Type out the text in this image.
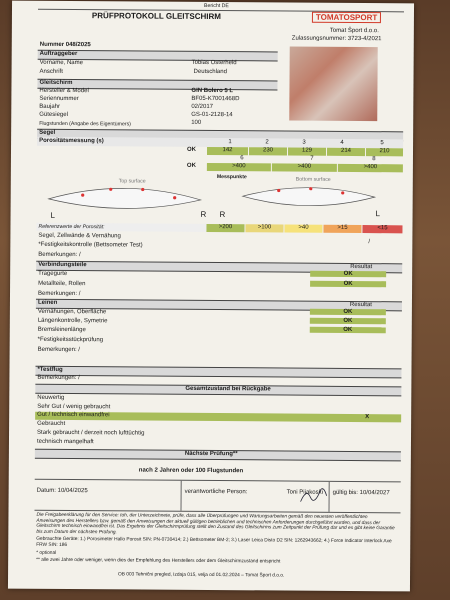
Bericht DE
PRÜFPROTOKOLL GLEITSCHIRM	TOMATOSPORT
Tomat Šport d.o.o.
Zulassungsnummer: 3723-4/2021
Nummer 048/2025
Auftraggeber
Vorname, Name	Tobias Osterheld
Anschrift	Deutschland
Gleitschirm
Hersteller & Model	GIN Bolero 5 L
Seriennummer	BF05-K7001468D
Baujahr	02/2017
Gütesiegel	GS-01-2128-14
Flugstunden (Angabe des Eigentümers)	100
Segel
Porositätsmessung (s)	1	2	3	4	5
OK	142	230	129	214	210
6	7	8
OK	>400	>400	>400
Messpunkte
Top surface	Bottom surface
L	R R	L
Referenzwerte der Porosität:	>200	>100	>40	>15	<15
Segel, Zellwände & Vernähung
/
*Festigkeitskontrolle (Bettsometer Test)
Bemerkungen: /
Verbindungsteile	Resultat
Tragegurte	OK
Metallteile, Rollen	OK
Bemerkungen: /
Leinen	Resultat
Vernähungen, Oberfläche	OK
Längenkontrolle, Symetrie	OK
Bremsleinenlänge	OK
*Festigkeitsstückprüfung
Bemerkungen: /
*Testflug
Bemerkungen: /
Gesamtzustand bei Rückgabe
Neuwertig
Sehr Gut / wenig gebraucht
Gut / technisch einwandfrei	X
Gebraucht
Stark gebraucht / derzeit noch lufttüchtig
technisch mangelhaft
Nächste Prüfung**
nach 2 Jahren oder 100 Flugstunden
Datum: 10/04/2025	verantwortliche Person:	Toni Pijakoski gültig bis: 10/04/2027
Die Freigabeerklärung für den Service: toh, der Unterzeichnete, prüfe, dass alle Überprüfungen und Wartungsarbeiten gemäß den neuesten veröffentlichten Anweisungen des Herstellers bzw. gemäß den Anweisungen der aktuell gültigen betrieblichen und technischen Anforderungen durchgeführt wurden, und dass der Gleitschirm technisch einwandfrei ist. Das Ergebnis der Gleitschirmprüfung stellt den Zustand des Gleitschirms zum Zeitpunkt der Prüfung dar und es gibt keine Garantie bis zum Datum der nächsten Prüfung.
Gebrauchte Geräte: 1.) Porosimeter Hallo Porosit SIN: PN-0730414; 2.) Bettsometer BM-2; 3.) Laser Leica Disto D2 SIN: 1262943662; 4.) Force Indicator Interlock Axe FRW SIN: 186
* optional
** alle zwei Jahre oder weniger, wenn dies der Empfehlung des Herstellers oder dem Gleitschirmzustand entspricht
OB 003 Tehnični pregled, Izdaja 015, velja od 01.02.2024 – Tomat Šport d.o.o.
